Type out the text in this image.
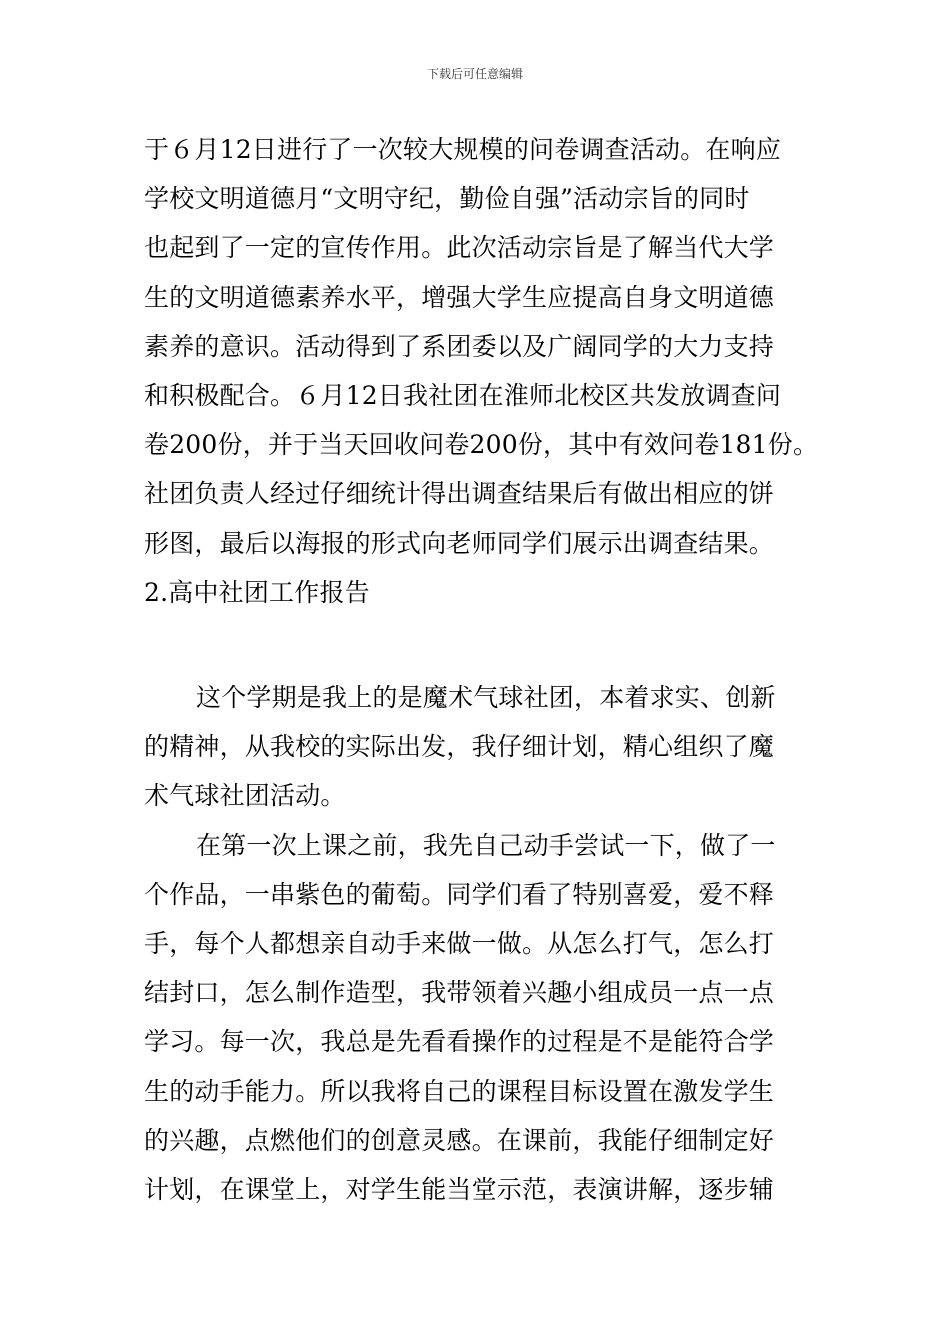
下载后可任意编辑
于６月12日进行了一次较大规模的问卷调查活动。在响应
学校文明道德月“文明守纪，勤俭自强”活动宗旨的同时
也起到了一定的宣传作用。此次活动宗旨是了解当代大学
生的文明道德素养水平，增强大学生应提高自身文明道德
素养的意识。活动得到了系团委以及广阔同学的大力支持
和积极配合。６月12日我社团在淮师北校区共发放调查问
卷200份，并于当天回收问卷200份，其中有效问卷181份。
社团负责人经过仔细统计得出调查结果后有做出相应的饼
形图，最后以海报的形式向老师同学们展示出调查结果。
2.高中社团工作报告
这个学期是我上的是魔术气球社团，本着求实、创新
的精神，从我校的实际出发，我仔细计划，精心组织了魔
术气球社团活动。
在第一次上课之前，我先自己动手尝试一下，做了一
个作品，一串紫色的葡萄。同学们看了特别喜爱，爱不释
手，每个人都想亲自动手来做一做。从怎么打气，怎么打
结封口，怎么制作造型，我带领着兴趣小组成员一点一点
学习。每一次，我总是先看看操作的过程是不是能符合学
生的动手能力。所以我将自己的课程目标设置在激发学生
的兴趣，点燃他们的创意灵感。在课前，我能仔细制定好
计划，在课堂上，对学生能当堂示范，表演讲解，逐步辅
